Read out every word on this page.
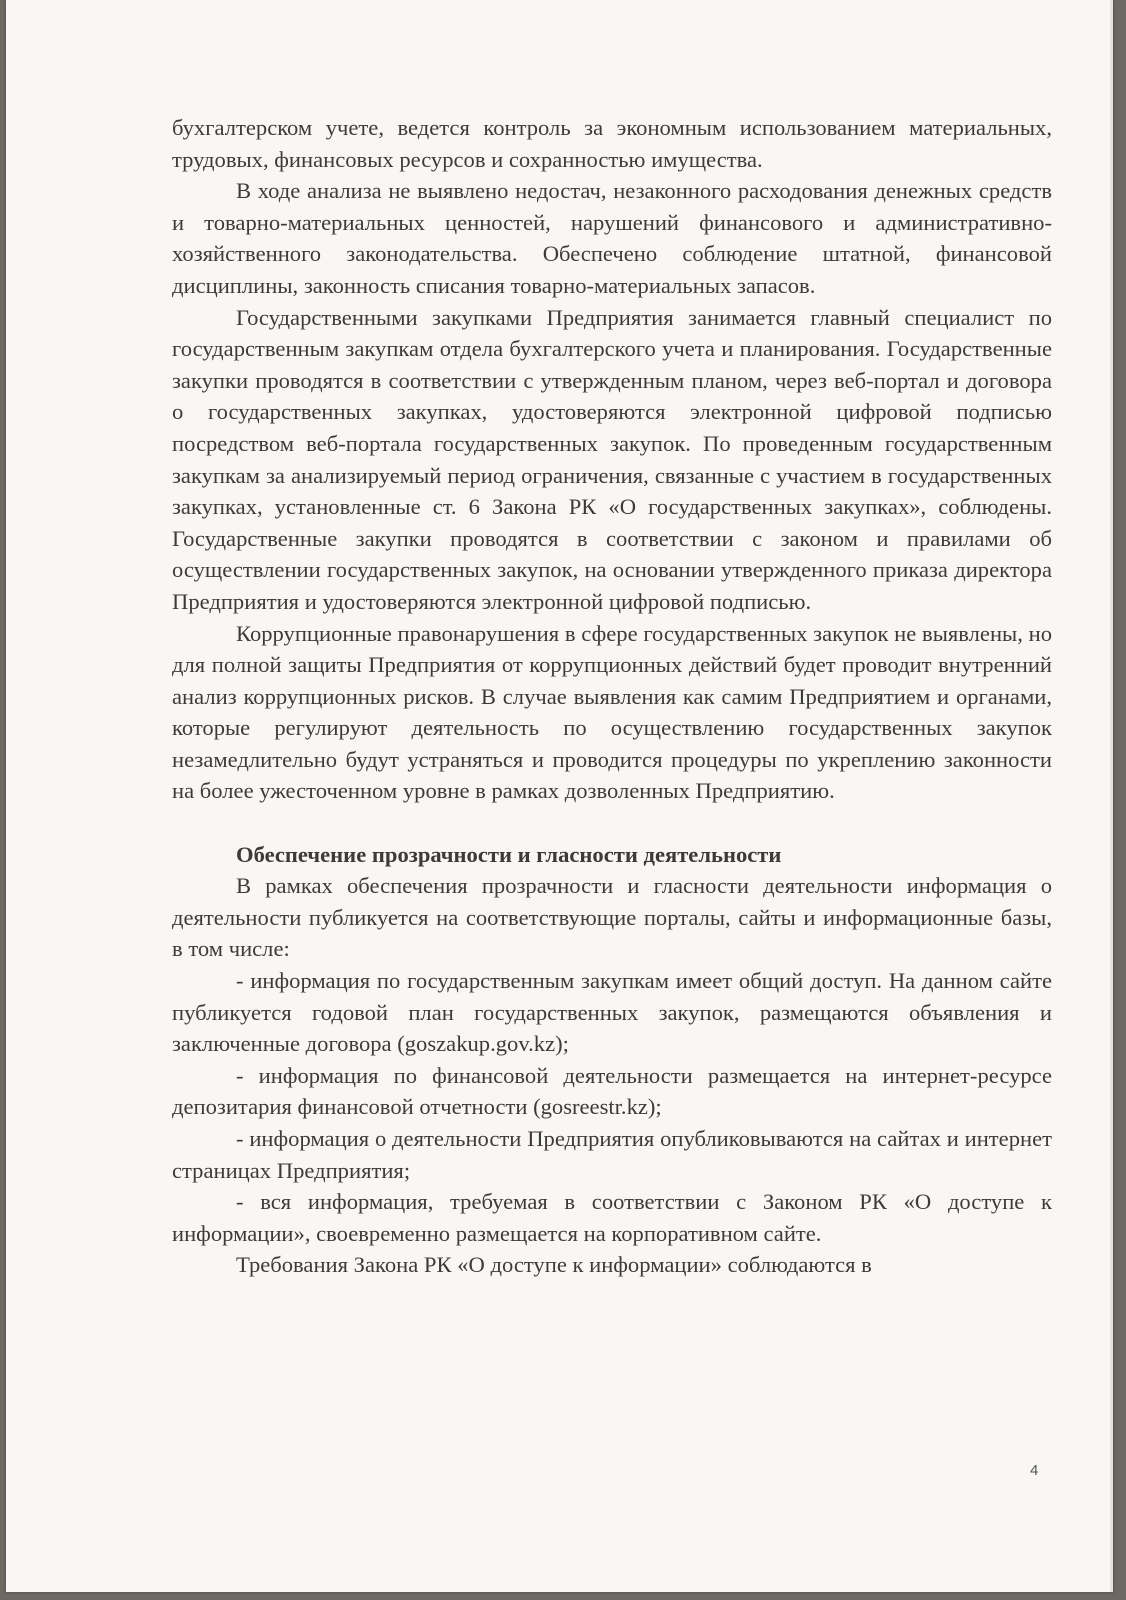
бухгалтерском учете, ведется контроль за экономным использованием материальных, трудовых, финансовых ресурсов и сохранностью имущества.

В ходе анализа не выявлено недостач, незаконного расходования денежных средств и товарно-материальных ценностей, нарушений финансового и административно-хозяйственного законодательства. Обеспечено соблюдение штатной, финансовой дисциплины, законность списания товарно-материальных запасов.

Государственными закупками Предприятия занимается главный специалист по государственным закупкам отдела бухгалтерского учета и планирования. Государственные закупки проводятся в соответствии с утвержденным планом, через веб-портал и договора о государственных закупках, удостоверяются электронной цифровой подписью посредством веб-портала государственных закупок. По проведенным государственным закупкам за анализируемый период ограничения, связанные с участием в государственных закупках, установленные ст. 6 Закона РК «О государственных закупках», соблюдены. Государственные закупки проводятся в соответствии с законом и правилами об осуществлении государственных закупок, на основании утвержденного приказа директора Предприятия и удостоверяются электронной цифровой подписью.

Коррупционные правонарушения в сфере государственных закупок не выявлены, но для полной защиты Предприятия от коррупционных действий будет проводит внутренний анализ коррупционных рисков. В случае выявления как самим Предприятием и органами, которые регулируют деятельность по осуществлению государственных закупок незамедлительно будут устраняться и проводится процедуры по укреплению законности на более ужесточенном уровне в рамках дозволенных Предприятию.

Обеспечение прозрачности и гласности деятельности

В рамках обеспечения прозрачности и гласности деятельности информация о деятельности публикуется на соответствующие порталы, сайты и информационные базы, в том числе:

- информация по государственным закупкам имеет общий доступ. На данном сайте публикуется годовой план государственных закупок, размещаются объявления и заключенные договора (goszakup.gov.kz);

- информация по финансовой деятельности размещается на интернет-ресурсе депозитария финансовой отчетности (gosreestr.kz);

- информация о деятельности Предприятия опубликовываются на сайтах и интернет страницах Предприятия;

- вся информация, требуемая в соответствии с Законом РК «О доступе к информации», своевременно размещается на корпоративном сайте.

Требования Закона РК «О доступе к информации» соблюдаются в

4
